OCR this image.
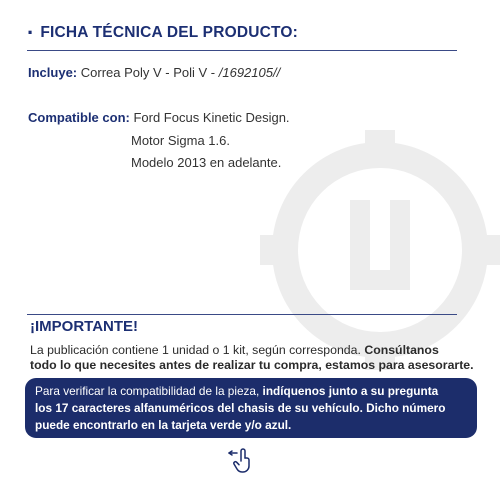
· FICHA TÉCNICA DEL PRODUCTO:
Incluye: Correa Poly V - Poli V - /1692105//
Compatible con: Ford Focus Kinetic Design.
Motor Sigma 1.6.
Modelo 2013 en adelante.
¡IMPORTANTE!
La publicación contiene 1 unidad o 1 kit, según corresponda. Consúltanos
todo lo que necesites antes de realizar tu compra, estamos para asesorarte.
Para verificar la compatibilidad de la pieza, indíquenos junto a su pregunta
los 17 caracteres alfanuméricos del chasis de su vehículo. Dicho número
puede encontrarlo en la tarjeta verde y/o azul.
